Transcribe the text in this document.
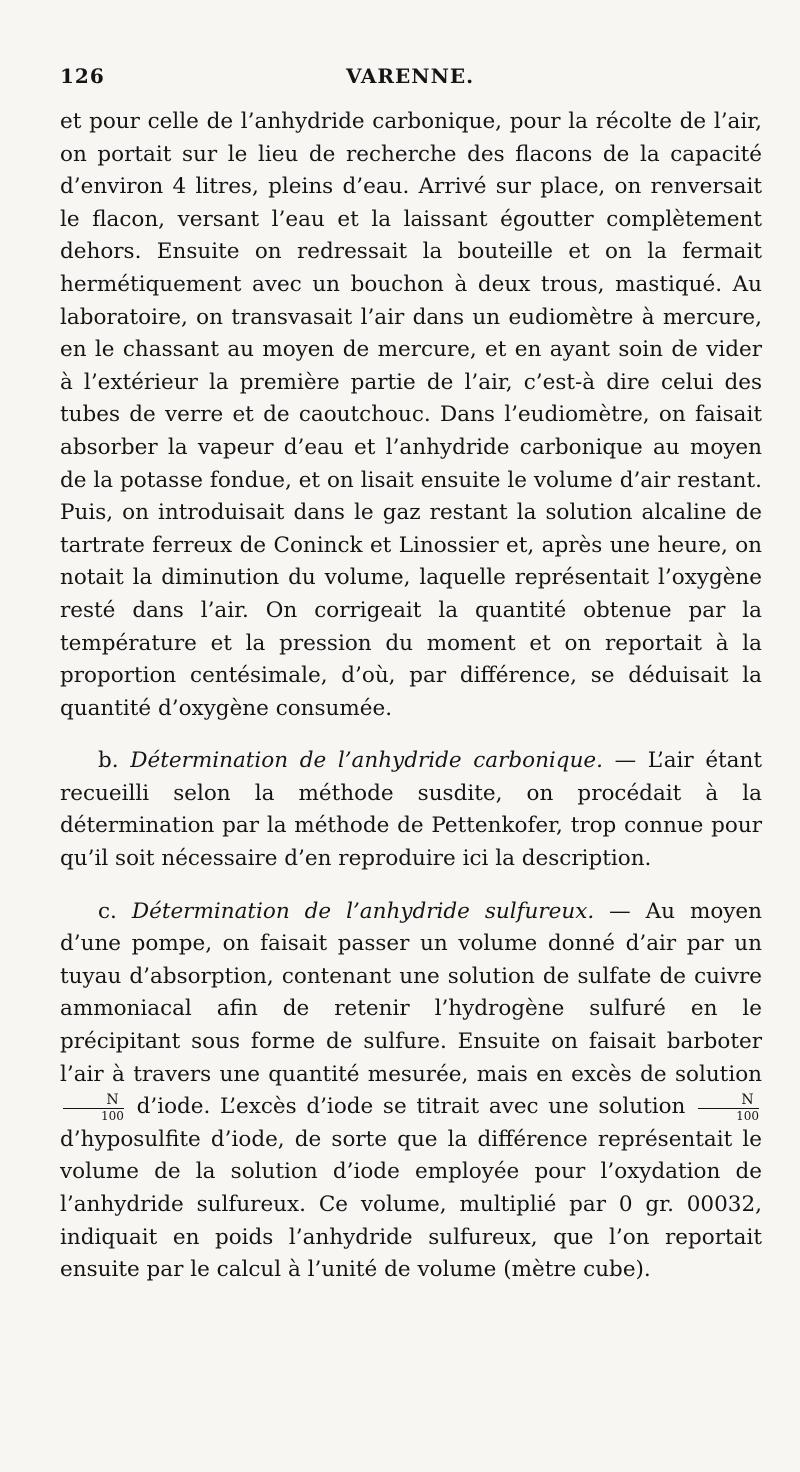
126	VARENNE.

et pour celle de l’anhydride carbonique, pour la récolte de l’air, on portait sur le lieu de recherche des flacons de la capacité d’environ 4 litres, pleins d’eau. Arrivé sur place, on renversait le flacon, versant l’eau et la laissant égoutter complètement dehors. Ensuite on redressait la bouteille et on la fermait hermétiquement avec un bouchon à deux trous, mastiqué. Au laboratoire, on transvasait l’air dans un eudiomètre à mercure, en le chassant au moyen de mercure, et en ayant soin de vider à l’extérieur la première partie de l’air, c’est-à dire celui des tubes de verre et de caoutchouc. Dans l’eudiomètre, on faisait absorber la vapeur d’eau et l’anhydride carbonique au moyen de la potasse fondue, et on lisait ensuite le volume d’air restant. Puis, on introduisait dans le gaz restant la solution alcaline de tartrate ferreux de Coninck et Linossier et, après une heure, on notait la diminution du volume, laquelle représentait l’oxygène resté dans l’air. On corrigeait la quantité obtenue par la température et la pression du moment et on reportait à la proportion centésimale, d’où, par différence, se déduisait la quantité d’oxygène consumée.

b. Détermination de l’anhydride carbonique. — L’air étant recueilli selon la méthode susdite, on procédait à la détermination par la méthode de Pettenkofer, trop connue pour qu’il soit nécessaire d’en reproduire ici la description.

c. Détermination de l’anhydride sulfureux. — Au moyen d’une pompe, on faisait passer un volume donné d’air par un tuyau d’absorption, contenant une solution de sulfate de cuivre ammoniacal afin de retenir l’hydrogène sulfuré en le précipitant sous forme de sulfure. Ensuite on faisait barboter l’air à travers une quantité mesurée, mais en excès de solution
$\frac{N}{100}$ d’iode. L’excès d’iode se titrait avec une solution $\frac{N}{100}$
d’hyposulfite d’iode, de sorte que la différence représentait le volume de la solution d’iode employée pour l’oxydation de l’anhydride sulfureux. Ce volume, multiplié par 0 gr. 00032, indiquait en poids l’anhydride sulfureux, que l’on reportait ensuite par le calcul à l’unité de volume (mètre cube).
